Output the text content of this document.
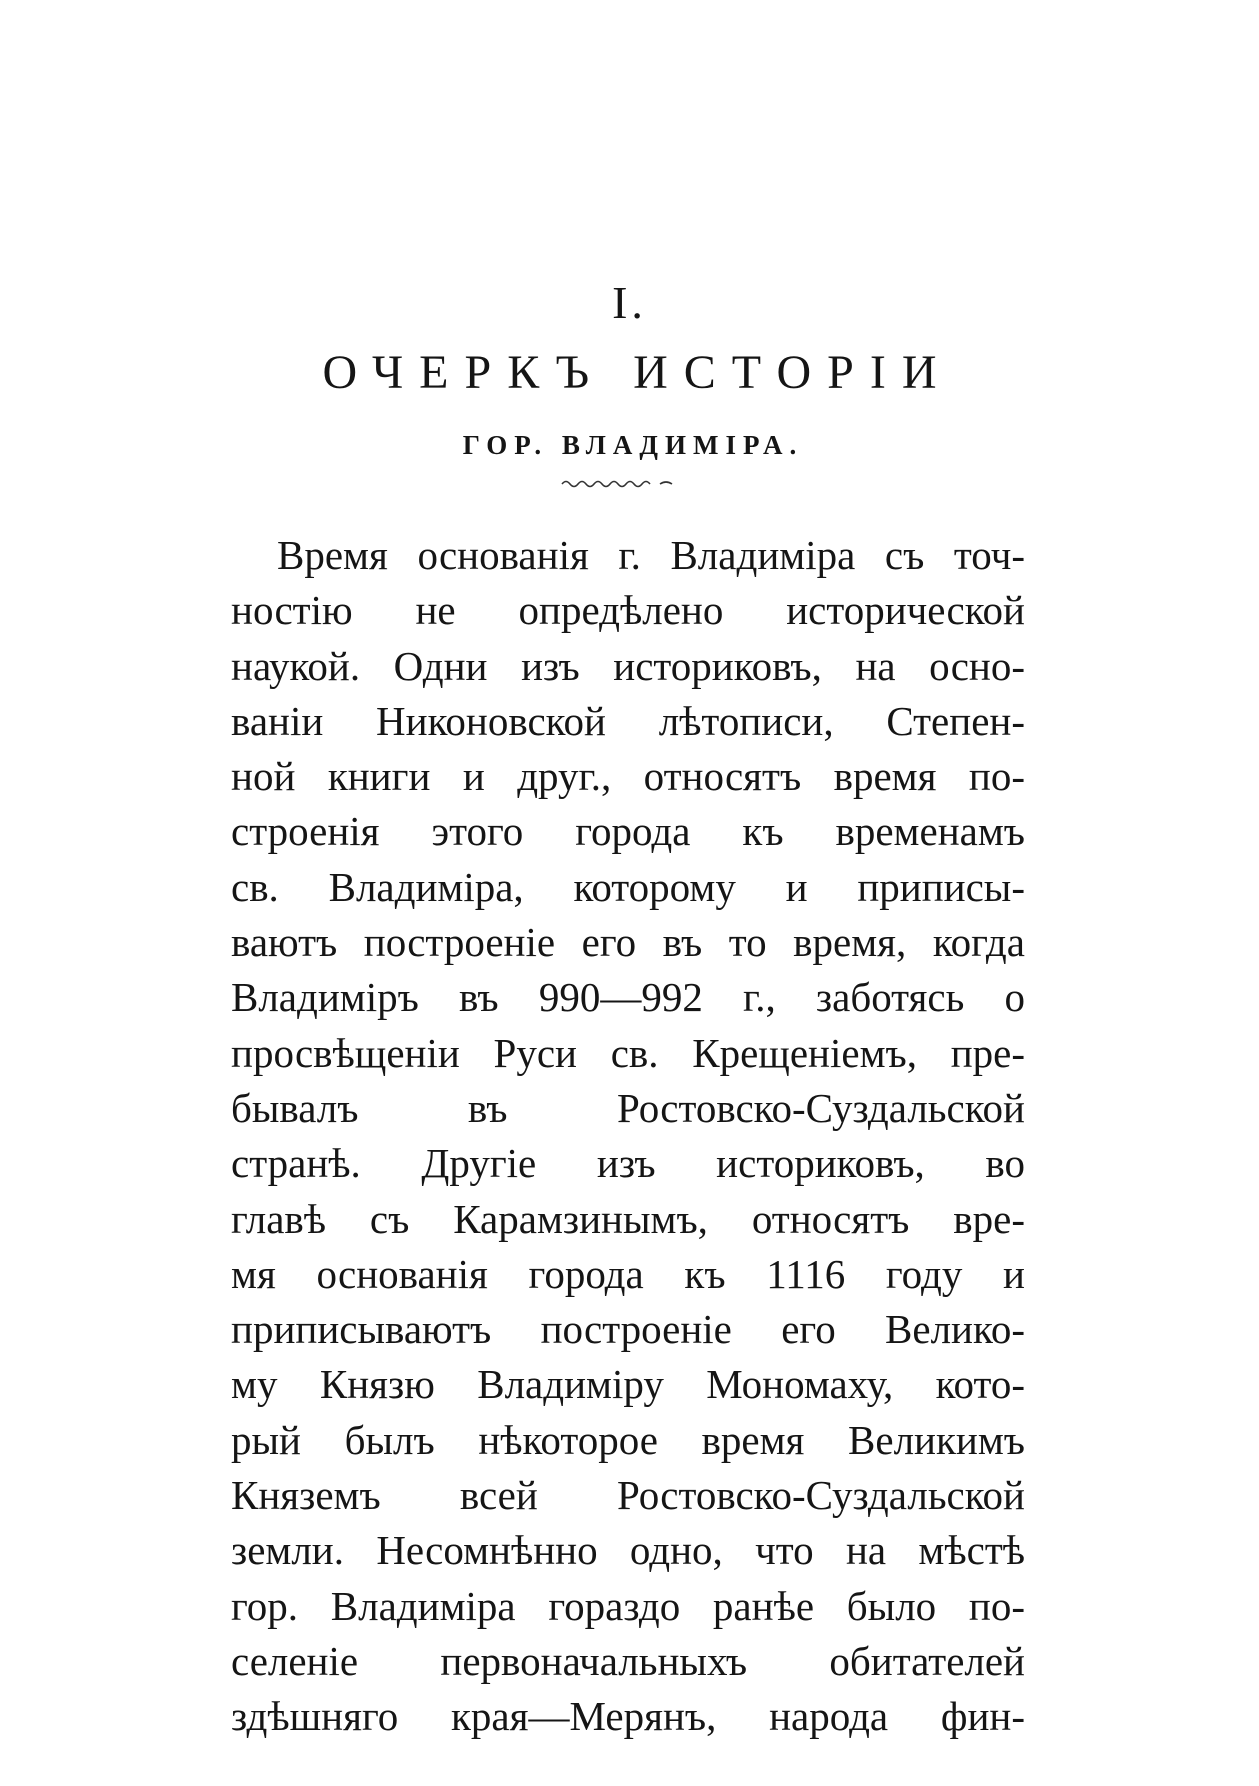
I.
ОЧЕРКЪ ИСТОРІИ
ГОР. ВЛАДИМІРА.
Время основанія г. Владиміра съ точ-
ностію не опредѣлено исторической
наукой. Одни изъ историковъ, на осно-
ваніи Никоновской лѣтописи, Степен-
ной книги и друг., относятъ время по-
строенія этого города къ временамъ
св. Владиміра, которому и приписы-
ваютъ построеніе его въ то время, когда
Владиміръ въ 990—992 г., заботясь о
просвѣщеніи Руси св. Крещеніемъ, пре-
бывалъ въ Ростовско-Суздальской
странѣ. Другіе изъ историковъ, во
главѣ съ Карамзинымъ, относятъ вре-
мя основанія города къ 1116 году и
приписываютъ построеніе его Велико-
му Князю Владиміру Мономаху, кото-
рый былъ нѣкоторое время Великимъ
Княземъ всей Ростовско-Суздальской
земли. Несомнѣнно одно, что на мѣстѣ
гор. Владиміра гораздо ранѣе было по-
селеніе первоначальныхъ обитателей
здѣшняго края—Мерянъ, народа фин-
